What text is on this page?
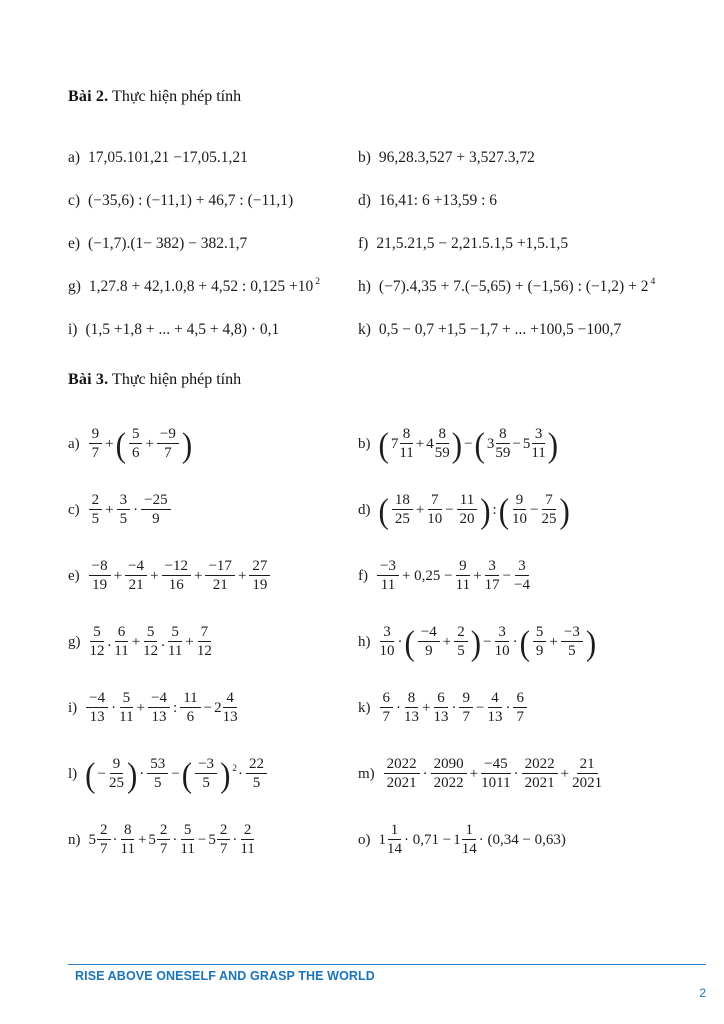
Bài 2. Thực hiện phép tính

a) 17,05.101,21 −17,05.1,21	b) 96,28.3,527 + 3,527.3,72
c) (−35,6) : (−11,1) + 46,7 : (−11,1)	d) 16,41: 6 +13,59 : 6
e) (−1,7).(1− 382) − 382.1,7	f) 21,5.21,5 − 2,21.5.1,5 +1,5.1,5
g) 1,27.8 + 42,1.0,8 + 4,52 : 0,125 +10 2 h) (−7).4,35 + 7.(−5,65) + (−1,56) : (−1,2) + 2 4
i) (1,5 +1,8 + ... + 4,5 + 4,8) · 0,1	k) 0,5 − 0,7 +1,5 −1,7 + ... +100,5 −100,7

Bài 3. Thực hiện phép tính

$a) \frac{9}{7}$ + ( $\frac{5}{6} + \frac{-9}{7}$ )	b) ( $7 \frac{8}{11} + 4 \frac{8}{59}$ ) − ( $3 \frac{8}{59} - 5 \frac{3}{11}$ )
$c) \frac{2}{5} + \frac{3}{5} \cdot \frac{-25}{9}$	d) ( $\frac{18}{25} + \frac{7}{10} - \frac{11}{20}$ ) : ( $\frac{9}{10} - \frac{7}{25}$ )
$e) \frac{-8}{19} + \frac{-4}{21} + \frac{-12}{16} + \frac{-17}{21} + \frac{27}{19}$	$f) \frac{-3}{11} + 0,25 - \frac{9}{11} + \frac{3}{17} - \frac{3}{-4}$
$g) \frac{5}{12}$ . $\frac{6}{11} + \frac{5}{12}$ . $\frac{5}{11} + \frac{7}{12}$	$h) \frac{3}{10}$ · ( $\frac{-4}{9} + \frac{2}{5}$ ) − $\frac{3}{10}$ · ( $\frac{5}{9} + \frac{-3}{5}$ )
$i) \frac{-4}{13} \cdot \frac{5}{11} + \frac{-4}{13}$ : $\frac{11}{6} - 2 \frac{4}{13}$	$k) \frac{6}{7} \cdot \frac{8}{13} + \frac{6}{13} \cdot \frac{9}{7} - \frac{4}{13} \cdot \frac{6}{7}$
l) ( − $\frac{9}{25}$ ) · $\frac{53}{5}$ − ( $\frac{-3}{5}$ ) $2 \cdot \frac{22}{5}$	$m) \frac{2022}{2021} \cdot \frac{2090}{2022} + \frac{-45}{1011} \cdot \frac{2022}{2021} + \frac{21}{2021}$
n) $5 \frac{2}{7} \cdot \frac{8}{11} + 5 \frac{2}{7} \cdot \frac{5}{11} - 5 \frac{2}{7} \cdot \frac{2}{11}$	o) $1 \frac{1}{14} \cdot 0,71 - 1 \frac{1}{14} \cdot (0,34 - 0,63)$
RISE ABOVE ONESELF AND GRASP THE WORLD
2
